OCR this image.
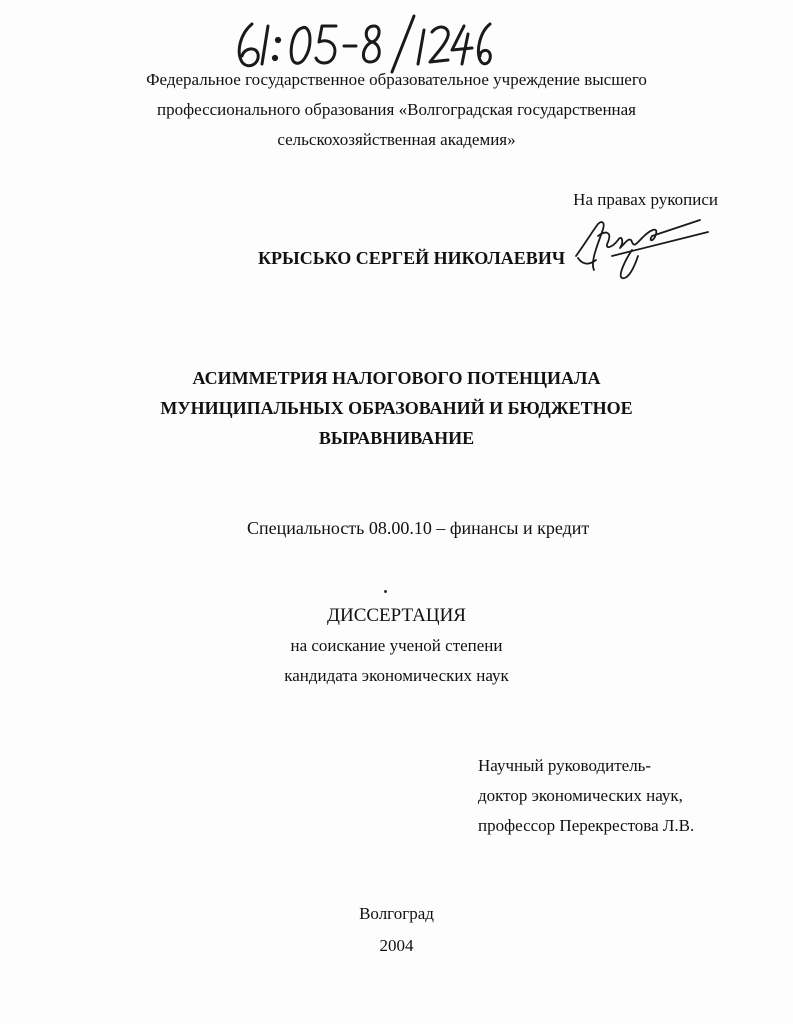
Федеральное государственное образовательное учреждение высшего
профессионального образования «Волгоградская государственная
сельскохозяйственная академия»
На правах рукописи
КРЫСЬКО СЕРГЕЙ НИКОЛАЕВИЧ
АСИММЕТРИЯ НАЛОГОВОГО ПОТЕНЦИАЛА
МУНИЦИПАЛЬНЫХ ОБРАЗОВАНИЙ И БЮДЖЕТНОЕ
ВЫРАВНИВАНИЕ
Специальность 08.00.10 – финансы и кредит
ДИССЕРТАЦИЯ
на соискание ученой степени
кандидата экономических наук
Научный руководитель-
доктор экономических наук,
профессор Перекрестова Л.В.
Волгоград
2004
